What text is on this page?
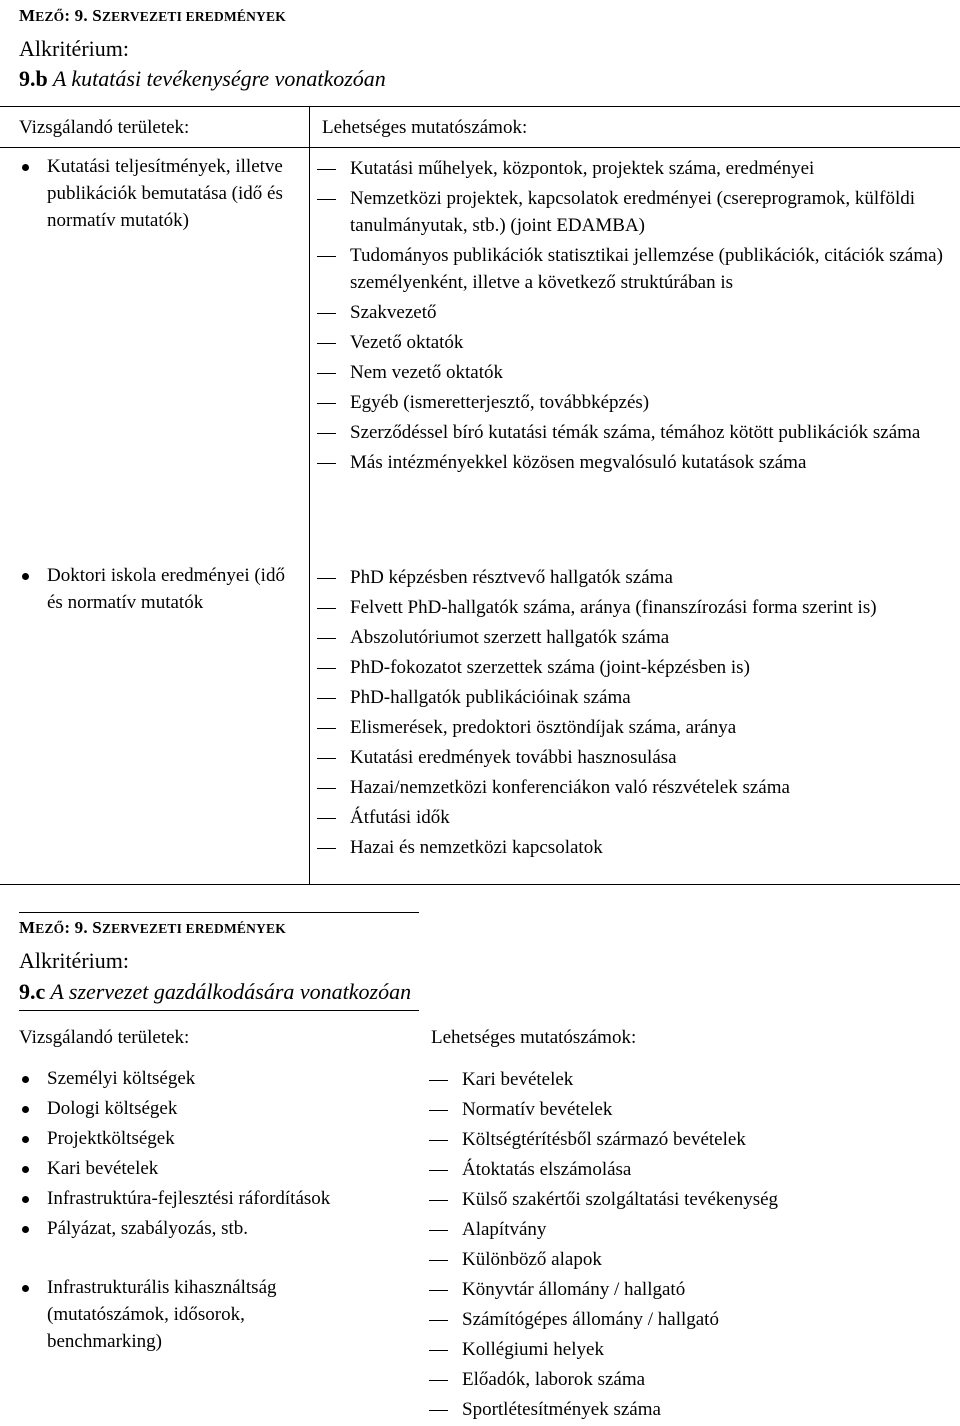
MEZŐ: 9. SZERVEZETI EREDMÉNYEK
Alkritérium:
9.b A kutatási tevékenységre vonatkozóan
Vizsgálandó területek:	Lehetséges mutatószámok:
Kutatási teljesítmények, illetve publikációk bemutatása (idő és normatív mutatók)
Doktori iskola eredményei (idő és normatív mutatók
Kutatási műhelyek, központok, projektek száma, eredményei
Nemzetközi projektek, kapcsolatok eredményei (csereprogramok, külföldi tanulmányutak, stb.) (joint EDAMBA)
Tudományos publikációk statisztikai jellemzése (publikációk, citációk száma) személyenként, illetve a következő struktúrában is
Szakvezető
Vezető oktatók
Nem vezető oktatók
Egyéb (ismeretterjesztő, továbbképzés)
Szerződéssel bíró kutatási témák száma, témához kötött publikációk száma
Más intézményekkel közösen megvalósuló kutatások száma
PhD képzésben résztvevő hallgatók száma
Felvett PhD-hallgatók száma, aránya (finanszírozási forma szerint is)
Abszolutóriumot szerzett hallgatók száma
PhD-fokozatot szerzettek száma (joint-képzésben is)
PhD-hallgatók publikációinak száma
Elismerések, predoktori ösztöndíjak száma, aránya
Kutatási eredmények további hasznosulása
Hazai/nemzetközi konferenciákon való részvételek száma
Átfutási idők
Hazai és nemzetközi kapcsolatok
MEZŐ: 9. SZERVEZETI EREDMÉNYEK
Alkritérium:
9.c A szervezet gazdálkodására vonatkozóan
Vizsgálandó területek:	Lehetséges mutatószámok:
Személyi költségek
Dologi költségek
Projektköltségek
Kari bevételek
Infrastruktúra-fejlesztési ráfordítások
Pályázat, szabályozás, stb.
Infrastrukturális kihasználtság (mutatószámok, idősorok, benchmarking)
Kari bevételek
Normatív bevételek
Költségtérítésből származó bevételek
Átoktatás elszámolása
Külső szakértői szolgáltatási tevékenység
Alapítvány
Különböző alapok
Könyvtár állomány / hallgató
Számítógépes állomány / hallgató
Kollégiumi helyek
Előadók, laborok száma
Sportlétesítmények száma
